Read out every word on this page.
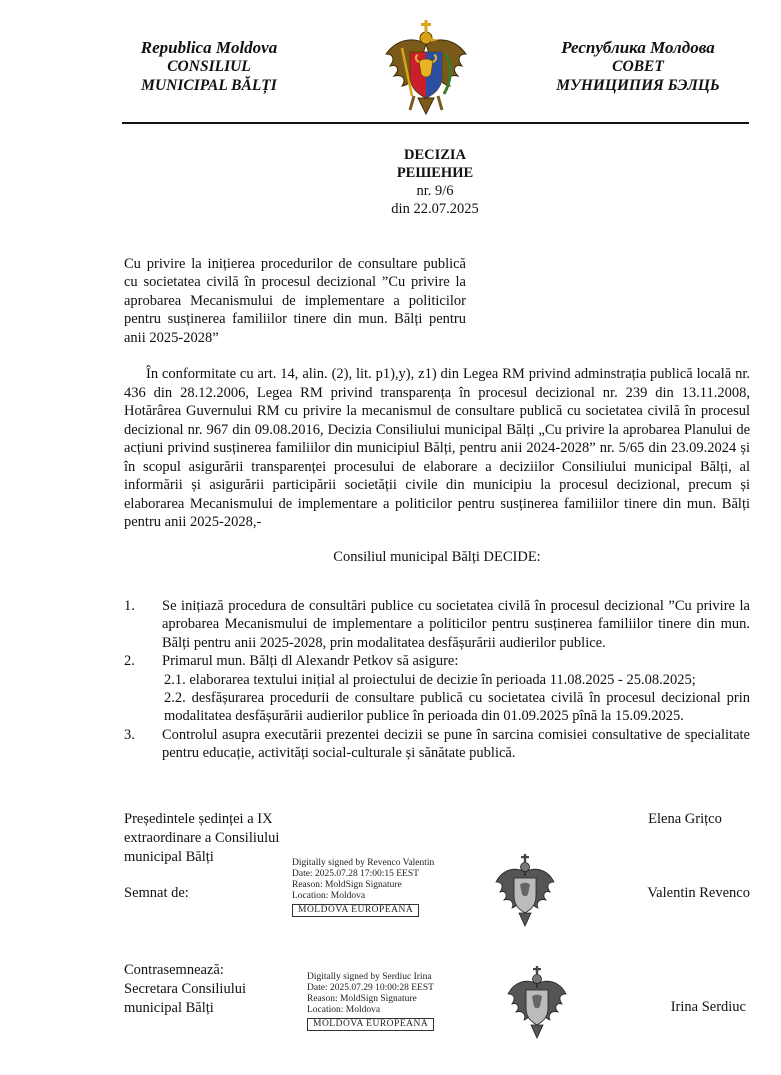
Republica Moldova
CONSILIUL
MUNICIPAL BĂLȚI
Республика Молдова
СОВЕТ
МУНИЦИПИЯ БЭЛЦЬ
DECIZIA
РЕШЕНИЕ
nr. 9/6
din 22.07.2025
Cu privire la inițierea procedurilor de consultare publică cu societatea civilă în procesul decizional ”Cu privire la aprobarea Mecanismului de implementare a politicilor pentru susținerea familiilor tinere din mun. Bălți pentru anii 2025-2028”
În conformitate cu art. 14, alin. (2), lit. p1),y), z1) din Legea RM privind adminstrația publică locală nr. 436 din 28.12.2006, Legea RM privind transparența în procesul decizional nr. 239 din 13.11.2008, Hotărârea Guvernului RM cu privire la mecanismul de consultare publică cu societatea civilă în procesul decizional nr. 967 din 09.08.2016, Decizia Consiliului municipal Bălți „Cu privire la aprobarea Planului de acțiuni privind susținerea familiilor din municipiul Bălți, pentru anii 2024-2028” nr. 5/65 din 23.09.2024 și în scopul asigurării transparenței procesului de elaborare a deciziilor Consiliului municipal Bălți, al informării și asigurării participării societății civile din municipiu la procesul decizional, precum și elaborarea Mecanismului de implementare a politicilor pentru susținerea familiilor tinere din mun. Bălți pentru anii 2025-2028,-
Consiliul municipal Bălți DECIDE:
1. Se inițiază procedura de consultări publice cu societatea civilă în procesul decizional ”Cu privire la aprobarea Mecanismului de implementare a politicilor pentru susținerea familiilor tinere din mun. Bălți pentru anii 2025-2028, prin modalitatea desfășurării audierilor publice.
2. Primarul mun. Bălți dl Alexandr Petkov să asigure:
2.1. elaborarea textului inițial al proiectului de decizie în perioada 11.08.2025 - 25.08.2025;
2.2. desfășurarea procedurii de consultare publică cu societatea civilă în procesul decizional prin modalitatea desfășurării audierilor publice în perioada din 01.09.2025 pînă la 15.09.2025.
3. Controlul asupra executării prezentei decizii se pune în sarcina comisiei consultative de specialitate pentru educație, activități social-culturale și sănătate publică.
Președintele ședinței a IX
extraordinare a Consiliului
municipal Bălți
Elena Grițco
Semnat de:
Digitally signed by Revenco Valentin
Date: 2025.07.28 17:00:15 EEST
Reason: MoldSign Signature
Location: Moldova
MOLDOVA EUROPEANĂ
Valentin Revenco
Contrasemnează:
Secretara Consiliului
municipal Bălți
Digitally signed by Serdiuc Irina
Date: 2025.07.29 10:00:28 EEST
Reason: MoldSign Signature
Location: Moldova
MOLDOVA EUROPEANĂ
Irina Serdiuc
